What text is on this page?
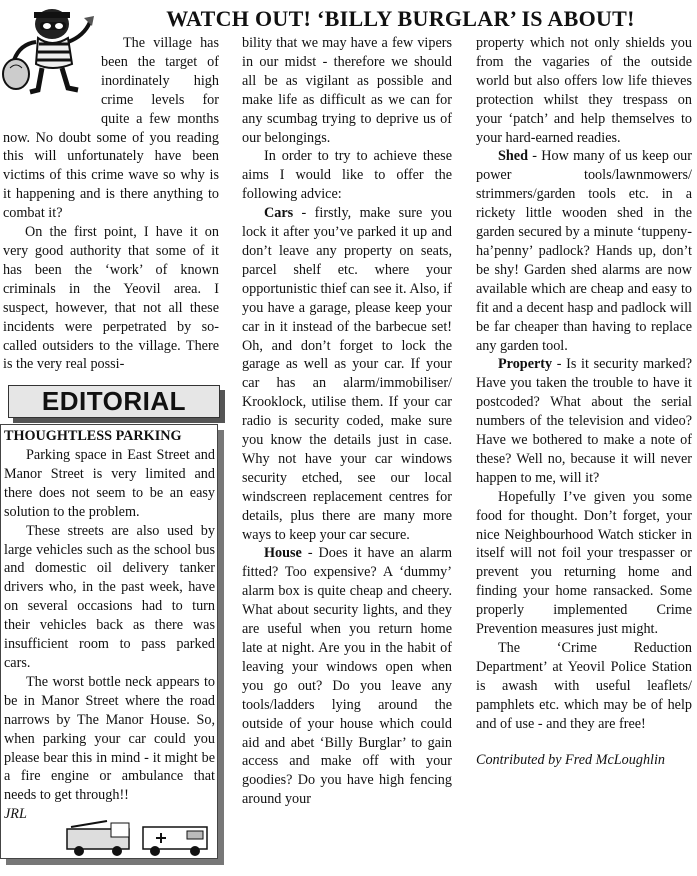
WATCH OUT! ‘BILLY BURGLAR’ IS ABOUT!

The village has been the target of inordinately high crime levels for quite a few months now. No doubt some of you reading this will unfortunately have been victims of this crime wave so why is it happening and is there anything to combat it?

On the first point, I have it on very good authority that some of it has been the ‘work’ of known criminals in the Yeovil area. I suspect, however, that not all these incidents were perpetrated by so-called outsiders to the village. There is the very real possi-

EDITORIAL
THOUGHTLESS PARKING

Parking space in East Street and Manor Street is very limited and there does not seem to be an easy solution to the problem.

These streets are also used by large vehicles such as the school bus and domestic oil delivery tanker drivers who, in the past week, have on several occasions had to turn their vehicles back as there was insufficient room to pass parked cars.

The worst bottle neck appears to be in Manor Street where the road narrows by The Manor House. So, when parking your car could you please bear this in mind - it might be a fire engine or ambulance that needs to get through!!

JRL

bility that we may have a few vipers in our midst - therefore we should all be as vigilant as possible and make life as difficult as we can for any scumbag trying to deprive us of our belongings.

In order to try to achieve these aims I would like to offer the following advice:

Cars - firstly, make sure you lock it after you’ve parked it up and don’t leave any property on seats, parcel shelf etc. where your opportunistic thief can see it. Also, if you have a garage, please keep your car in it instead of the barbecue set! Oh, and don’t forget to lock the garage as well as your car. If your car has an alarm/immobiliser/ Krooklock, utilise them. If your car radio is security coded, make sure you know the details just in case. Why not have your car windows security etched, see our local windscreen replacement centres for details, plus there are many more ways to keep your car secure.

House - Does it have an alarm fitted? Too expensive? A ‘dummy’ alarm box is quite cheap and cheery. What about security lights, and they are useful when you return home late at night. Are you in the habit of leaving your windows open when you go out? Do you leave any tools/ladders lying around the outside of your house which could aid and abet ‘Billy Burglar’ to gain access and make off with your goodies? Do you have high fencing around your

property which not only shields you from the vagaries of the outside world but also offers low life thieves protection whilst they trespass on your ‘patch’ and help themselves to your hard-earned readies.

Shed - How many of us keep our power tools/lawnmowers/ strimmers/garden tools etc. in a rickety little wooden shed in the garden secured by a minute ‘tuppeny-ha’penny’ padlock? Hands up, don’t be shy! Garden shed alarms are now available which are cheap and easy to fit and a decent hasp and padlock will be far cheaper than having to replace any garden tool.

Property - Is it security marked? Have you taken the trouble to have it postcoded? What about the serial numbers of the television and video? Have we bothered to make a note of these? Well no, because it will never happen to me, will it?

Hopefully I’ve given you some food for thought. Don’t forget, your nice Neighbourhood Watch sticker in itself will not foil your trespasser or prevent you returning home and finding your home ransacked. Some properly implemented Crime Prevention measures just might.

The ‘Crime Reduction Department’ at Yeovil Police Station is awash with useful leaflets/ pamphlets etc. which may be of help and of use - and they are free!

Contributed by Fred McLoughlin
